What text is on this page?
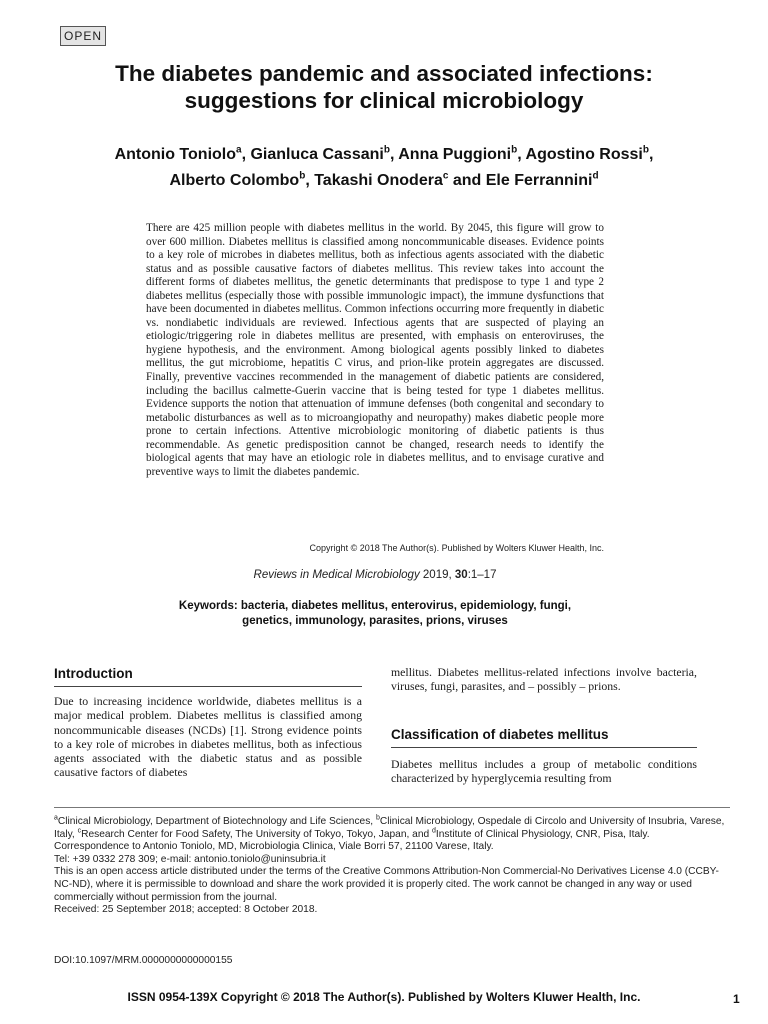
OPEN
The diabetes pandemic and associated infections:
suggestions for clinical microbiology
Antonio Toniolo$^a$, Gianluca Cassani$^b$, Anna Puggioni$^b$, Agostino Rossi$^b$,
Alberto Colombo$^b$, Takashi Onodera$^c$ and Ele Ferrannini$^d$

There are 425 million people with diabetes mellitus in the world. By 2045, this figure will grow to over 600 million. Diabetes mellitus is classified among noncommunicable diseases. Evidence points to a key role of microbes in diabetes mellitus, both as infectious agents associated with the diabetic status and as possible causative factors of diabetes mellitus. This review takes into account the different forms of diabetes mellitus, the genetic determinants that predispose to type 1 and type 2 diabetes mellitus (especially those with possible immunologic impact), the immune dysfunctions that have been documented in diabetes mellitus. Common infections occurring more frequently in diabetic vs. nondiabetic individuals are reviewed. Infectious agents that are suspected of playing an etiologic/triggering role in diabetes mellitus are presented, with emphasis on enteroviruses, the hygiene hypothesis, and the environment. Among biological agents possibly linked to diabetes mellitus, the gut microbiome, hepatitis C virus, and prion-like protein aggregates are discussed. Finally, preventive vaccines recommended in the management of diabetic patients are considered, including the bacillus calmette-Guerin vaccine that is being tested for type 1 diabetes mellitus. Evidence supports the notion that attenuation of immune defenses (both congenital and secondary to metabolic disturbances as well as to microangiopathy and neuropathy) makes diabetic people more prone to certain infections. Attentive microbiologic monitoring of diabetic patients is thus recommendable. As genetic predisposition cannot be changed, research needs to identify the biological agents that may have an etiologic role in diabetes mellitus, and to envisage curative and preventive ways to limit the diabetes pandemic.

Copyright © 2018 The Author(s). Published by Wolters Kluwer Health, Inc.
Reviews in Medical Microbiology 2019, 30:1–17
Keywords: bacteria, diabetes mellitus, enterovirus, epidemiology, fungi,
genetics, immunology, parasites, prions, viruses
Introduction

Due to increasing incidence worldwide, diabetes mellitus is a major medical problem. Diabetes mellitus is classified among noncommunicable diseases (NCDs) [1]. Strong evidence points to a key role of microbes in diabetes mellitus, both as infectious agents associated with the diabetic status and as possible causative factors of diabetes

mellitus. Diabetes mellitus-related infections involve bacteria, viruses, fungi, parasites, and – possibly – prions.

Classification of diabetes mellitus

Diabetes mellitus includes a group of metabolic conditions characterized by hyperglycemia resulting from

$^a$Clinical Microbiology, Department of Biotechnology and Life Sciences, $^b$Clinical Microbiology, Ospedale di Circolo and University of Insubria, Varese, Italy, $^c$Research Center for Food Safety, The University of Tokyo, Tokyo, Japan, and $^d$Institute of Clinical Physiology, CNR, Pisa, Italy.

Correspondence to Antonio Toniolo, MD, Microbiologia Clinica, Viale Borri 57, 21100 Varese, Italy.

Tel: +39 0332 278 309; e-mail: antonio.toniolo@uninsubria.it

This is an open access article distributed under the terms of the Creative Commons Attribution-Non Commercial-No Derivatives License 4.0 (CCBY-NC-ND), where it is permissible to download and share the work provided it is properly cited. The work cannot be changed in any way or used commercially without permission from the journal.

Received: 25 September 2018; accepted: 8 October 2018.

DOI:10.1097/MRM.0000000000000155
ISSN 0954-139X Copyright © 2018 The Author(s). Published by Wolters Kluwer Health, Inc.	1
